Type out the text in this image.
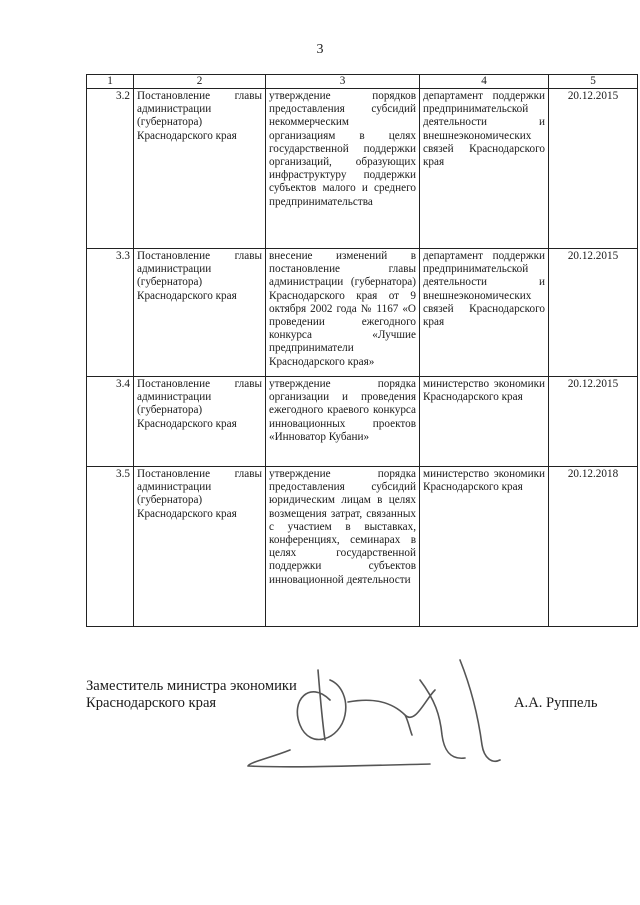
3
1	2	3	4	5
3.2	Постановление главы администрации (губернатора) Краснодарского края	утверждение порядков предоставления субсидий некоммерческим организациям в целях государственной поддержки организаций, образующих инфраструктуру поддержки субъектов малого и среднего предпринимательства	департамент поддержки предпринимательской деятельности и внешнеэкономических связей Краснодарского края	20.12.2015
3.3	Постановление главы администрации (губернатора) Краснодарского края	внесение изменений в постановление главы администрации (губернатора) Краснодарского края от 9 октября 2002 года № 1167 «О проведении ежегодного конкурса «Лучшие предприниматели Краснодарского края»	департамент поддержки предпринимательской деятельности и внешнеэкономических связей Краснодарского края	20.12.2015
3.4	Постановление главы администрации (губернатора) Краснодарского края	утверждение порядка организации и проведения ежегодного краевого конкурса инновационных проектов «Инноватор Кубани»	министерство экономики Краснодарского края	20.12.2015
3.5	Постановление главы администрации (губернатора) Краснодарского края	утверждение порядка предоставления субсидий юридическим лицам в целях возмещения затрат, связанных с участием в выставках, конференциях, семинарах в целях государственной поддержки субъектов инновационной деятельности	министерство экономики Краснодарского края	20.12.2018
Заместитель министра экономики
Краснодарского края	А.А. Руппель
